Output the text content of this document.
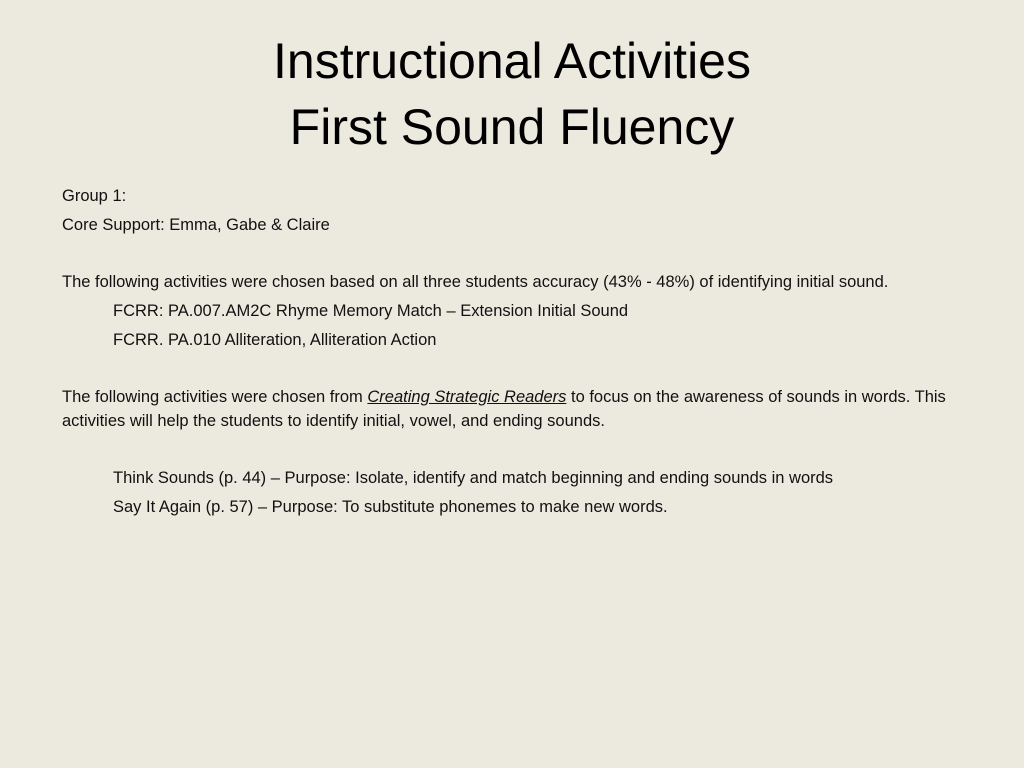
Instructional Activities
First Sound Fluency
Group 1:
Core Support: Emma, Gabe & Claire
The following activities were chosen based on all three students accuracy (43% - 48%) of identifying initial sound.
FCRR: PA.007.AM2C Rhyme Memory Match – Extension Initial Sound
FCRR. PA.010 Alliteration, Alliteration Action
The following activities were chosen from Creating Strategic Readers to focus on the awareness of sounds in words. This activities will help the students to identify initial, vowel, and ending sounds.
Think Sounds (p. 44) – Purpose: Isolate, identify and match beginning and ending sounds in words
Say It Again (p. 57) – Purpose: To substitute phonemes to make new words.
